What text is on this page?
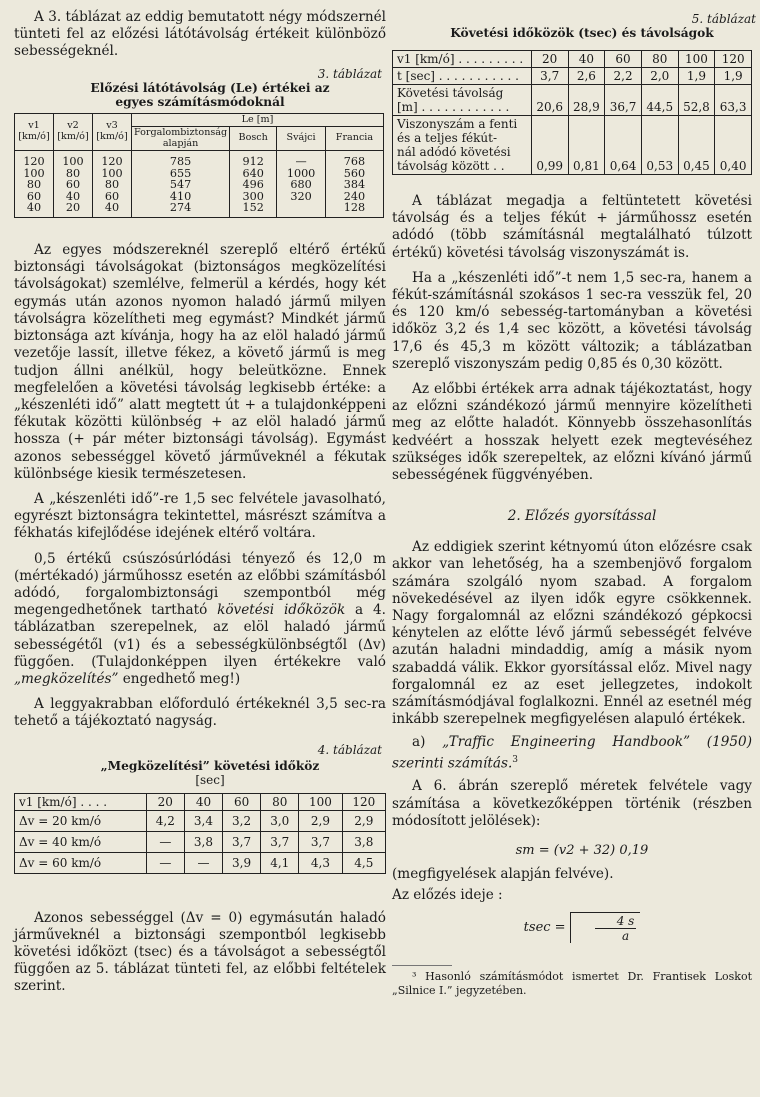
A 3. táblázat az eddig bemutatott négy módszernél tünteti fel az előzési látótávolság értékeit különböző sebességeknél.

3. táblázat

Előzési látótávolság (Le) értékei az egyes számításmódoknál

v1 [km/ó]	v2 [km/ó]	v3 [km/ó]	Le [m]			
			Forgalombiztonság alapján	Bosch	Svájci	Francia
120	100	120	785	912	—	768
100	80	100	655	640	1000	560
80	60	80	547	496	680	384
60	40	60	410	300	320	240
40	20	40	274	152		128

Az egyes módszereknél szereplő eltérő értékű biztonsági távolságokat (biztonságos megközelítési távolságokat) szemlélve, felmerül a kérdés, hogy két egymás után azonos nyomon haladó jármű milyen távolságra közelítheti meg egymást? Mindkét jármű biztonsága azt kívánja, hogy ha az elöl haladó jármű vezetője lassít, illetve fékez, a követő jármű is meg tudjon állni anélkül, hogy beleütközne. Ennek megfelelően a követési távolság legkisebb értéke: a „készenléti idő” alatt megtett út + a tulajdonképpeni fékutak közötti különbség + az elöl haladó jármű hossza (+ pár méter biztonsági távolság). Egymást azonos sebességgel követő járműveknél a fékutak különbsége kiesik természetesen.

A „készenléti idő”-re 1,5 sec felvétele javasolható, egyrészt biztonságra tekintettel, másrészt számítva a fékhatás kifejlődése idejének eltérő voltára.

0,5 értékű csúszósúrlódási tényező és 12,0 m (mértékadó) járműhossz esetén az előbbi számításból adódó, forgalombiztonsági szempontból még megengedhetőnek tartható követési időközök a 4. táblázatban szerepelnek, az elöl haladó jármű sebességétől (v1) és a sebességkülönbségtől (Δv) függően. (Tulajdonképpen ilyen értékekre való „megközelítés” engedhető meg!)

A leggyakrabban előforduló értékeknél 3,5 sec-ra tehető a tájékoztató nagyság.

4. táblázat

„Megközelítési” követési időköz

[sec]

v1 [km/ó] . . . .	20	40	60	80	100	120
Δv = 20 km/ó	4,2	3,4	3,2	3,0	2,9	2,9
Δv = 40 km/ó	—	3,8	3,7	3,7	3,7	3,8
Δv = 60 km/ó	—	—	3,9	4,1	4,3	4,5

Azonos sebességgel (Δv = 0) egymásután haladó járműveknél a biztonsági szempontból legkisebb követési időközt (tsec) és a távolságot a sebességtől függően az 5. táblázat tünteti fel, az előbbi feltételek szerint.

5. táblázat

Követési időközök (tsec) és távolságok

v1 [km/ó] . . . . . . . . .	20	40	60	80	100	120

t [sec] . . . . . . . . . . .	3,7	2,6	2,2	2,0	1,9	1,9

Követési távolság
[m] . . . . . . . . . . . .	20,6	28,9	36,7	44,5	52,8	63,3

Viszonyszám a fenti
és a teljes fékút-
nál adódó követési
távolság között . .	0,99	0,81	0,64	0,53	0,45	0,40

A táblázat megadja a feltüntetett követési távolság és a teljes fékút + járműhossz esetén adódó (több számításnál megtalálható túlzott értékű) követési távolság viszonyszámát is.

Ha a „készenléti idő”-t nem 1,5 sec-ra, hanem a fékút-számításnál szokásos 1 sec-ra vesszük fel, 20 és 120 km/ó sebesség-tartományban a követési időköz 3,2 és 1,4 sec között, a követési távolság 17,6 és 45,3 m között változik; a táblázatban szereplő viszonyszám pedig 0,85 és 0,30 között.

Az előbbi értékek arra adnak tájékoztatást, hogy az előzni szándékozó jármű mennyire közelítheti meg az előtte haladót. Könnyebb összehasonlítás kedvéért a hosszak helyett ezek megtevéséhez szükséges idők szerepeltek, az előzni kívánó jármű sebességének függvényében.

2. Előzés gyorsítással

Az eddigiek szerint kétnyomú úton előzésre csak akkor van lehetőség, ha a szembenjövő forgalom számára szolgáló nyom szabad. A forgalom növekedésével az ilyen idők egyre csökkennek. Nagy forgalomnál az előzni szándékozó gépkocsi kénytelen az előtte lévő jármű sebességét felvéve azután haladni mindaddig, amíg a másik nyom szabaddá válik. Ekkor gyorsítással előz. Mivel nagy forgalomnál ez az eset jellegzetes, indokolt számításmódjával foglalkozni. Ennél az esetnél még inkább szerepelnek megfigyelésen alapuló értékek.

a) „Traffic Engineering Handbook” (1950) szerinti számítás.$^3$

A 6. ábrán szereplő méretek felvétele vagy számítása a következőképpen történik (részben módosított jelölések):

sm = (v2 + 32) 0,19

(megfigyelések alapján felvéve).

Az előzés ideje :

$tsec = \frac{4 s}{a}$

³ Hasonló számításmódot ismertet Dr. Frantisek Loskot „Silnice I.” jegyzetében.
